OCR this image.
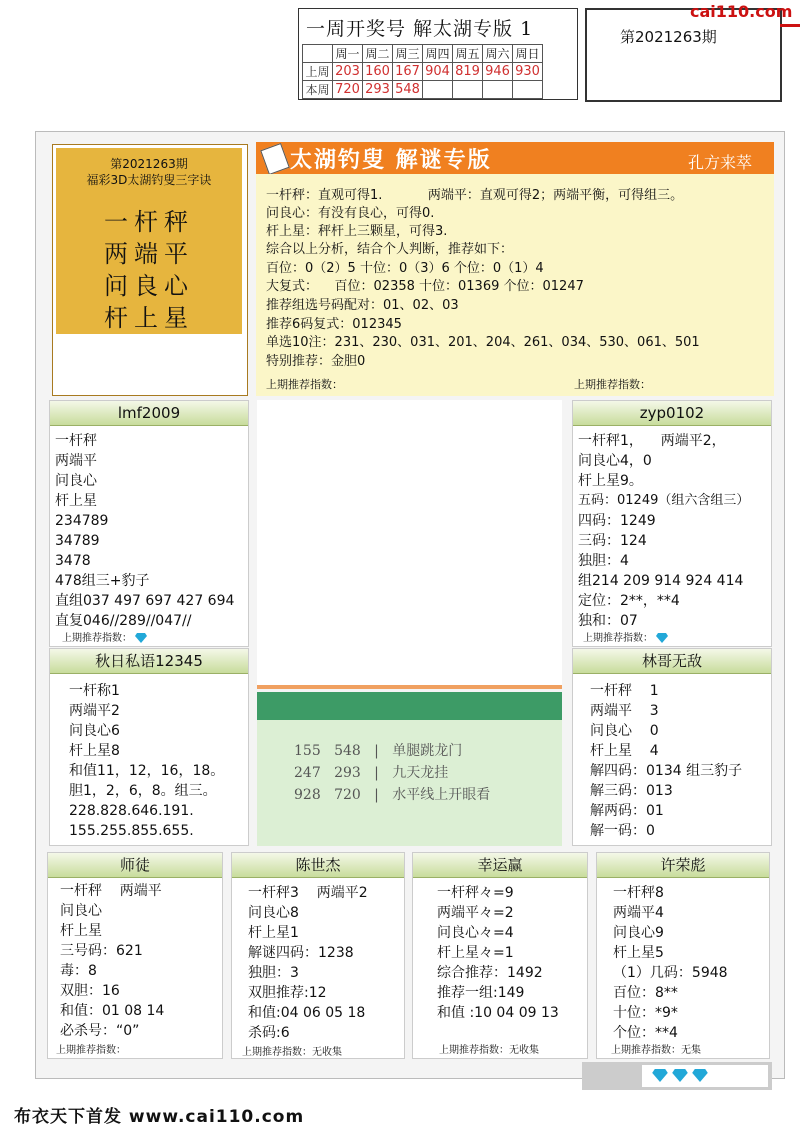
一周开奖号 解太湖专版 1
	周一	周二	周三	周四	周五	周六	周日
上周	203	160	167	904	819	946	930
本周	720	293	548				
第2021263期
cai110.com
第2021263期
福彩3D太湖钓叟三字诀
一杆秤
两端平
问良心
杆上星
太湖钓叟 解谜专版	孔方来萃
一杆秤：直观可得1.           两端平：直观可得2；两端平衡，可得组三。
问良心：有没有良心，可得0.
杆上星：秤杆上三颗星，可得3.
综合以上分析，结合个人判断，推荐如下：
百位：0（2）5 十位：0（3）6 个位：0（1）4
大复式：    百位：02358 十位：01369 个位：01247
推荐组选号码配对：01、02、03
推荐6码复式：012345
单选10注：231、230、031、201、204、261、034、530、061、501
特别推荐：金胆0
上期推荐指数：	上期推荐指数：
lmf2009
一杆秤
两端平
问良心
杆上星
234789
34789
3478
478组三+豹子
直组037 497 697 427 694
直复046//289//047//
上期推荐指数：
zyp0102
一杆秤1，    两端平2，
问良心4，0
杆上星9。
五码：01249（组六含组三）
四码：1249
三码：124
独胆：4
组214 209 914 924 414
定位：2**，**4
独和：07
上期推荐指数：
秋日私语12345
一杆称1
两端平2
问良心6
杆上星8
和值11，12，16，18。
胆1，2，6，8。组三。
228.828.646.191.
155.255.855.655.
林哥无敌
一杆秤    1
两端平    3
问良心    0
杆上星    4
解四码：0134 组三豹子
解三码：013
解两码：01
解一码：0
155   548   |   单腿跳龙门
247   293   |   九天龙挂
928   720   |   水平线上开眼看
师徒
一杆秤    两端平
问良心
杆上星
三号码：621
毒：8
双胆：16
和值：01 08 14
必杀号：“0”
上期推荐指数：
陈世杰
一杆秤3    两端平2
问良心8
杆上星1
解谜四码：1238
独胆：3
双胆推荐:12
和值:04 06 05 18
杀码:6
上期推荐指数：无收集
幸运赢
一杆秤々=9
两端平々=2
问良心々=4
杆上星々=1
综合推荐：1492
推荐一组:149
和值 :10 04 09 13
上期推荐指数：无收集
许荣彪
一杆秤8
两端平4
问良心9
杆上星5
（1）几码：5948
百位：8**
十位：*9*
个位：**4
上期推荐指数：无集
布衣天下首发 www.cai110.com
